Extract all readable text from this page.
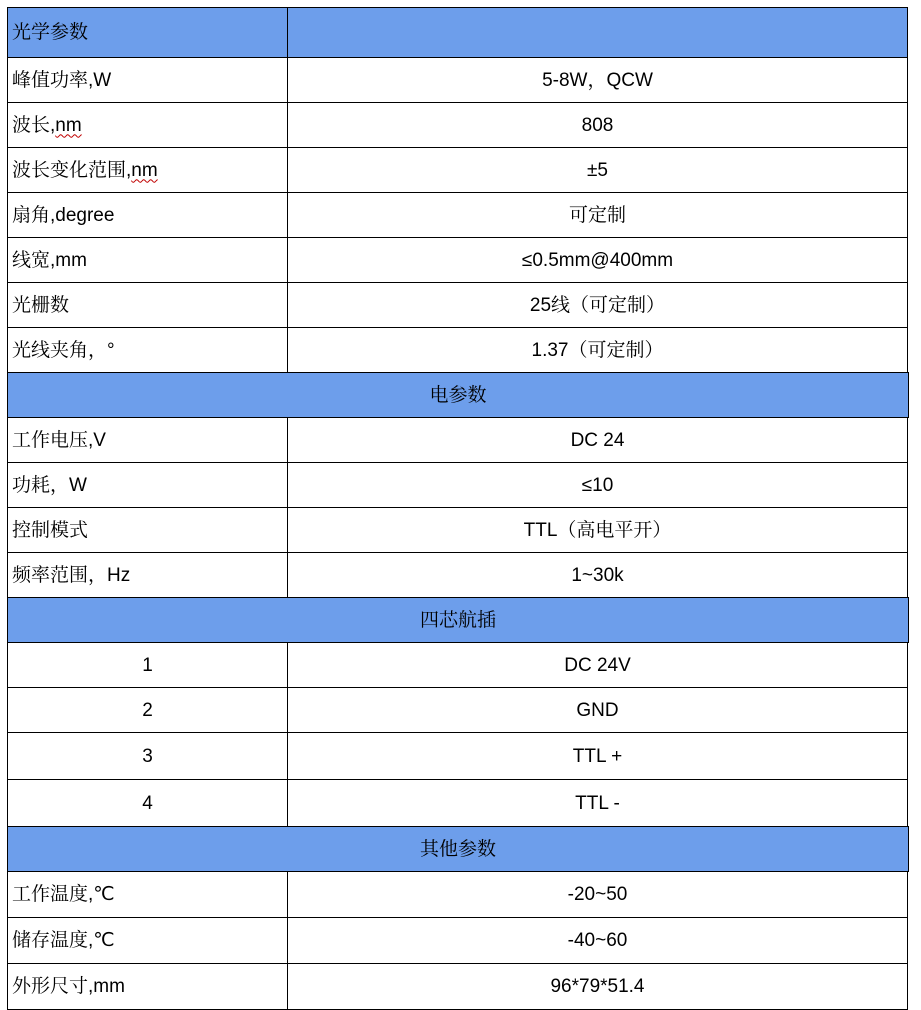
光学参数
峰值功率,W	5-8W，QCW
波长, nm	808
波长变化范围, nm	±5
扇角,degree	可定制
线宽,mm	≤0.5mm@400mm
光栅数	25线（可定制）
光线夹角，°	1.37（可定制）
电参数
工作电压,V	DC 24
功耗，W	≤10
控制模式	TTL（高电平开）
频率范围，Hz	1~30k
四芯航插
1	DC 24V
2	GND
3	TTL +
4	TTL -
其他参数
工作温度,℃	-20~50
储存温度,℃	-40~60
外形尺寸,mm	96*79*51.4
